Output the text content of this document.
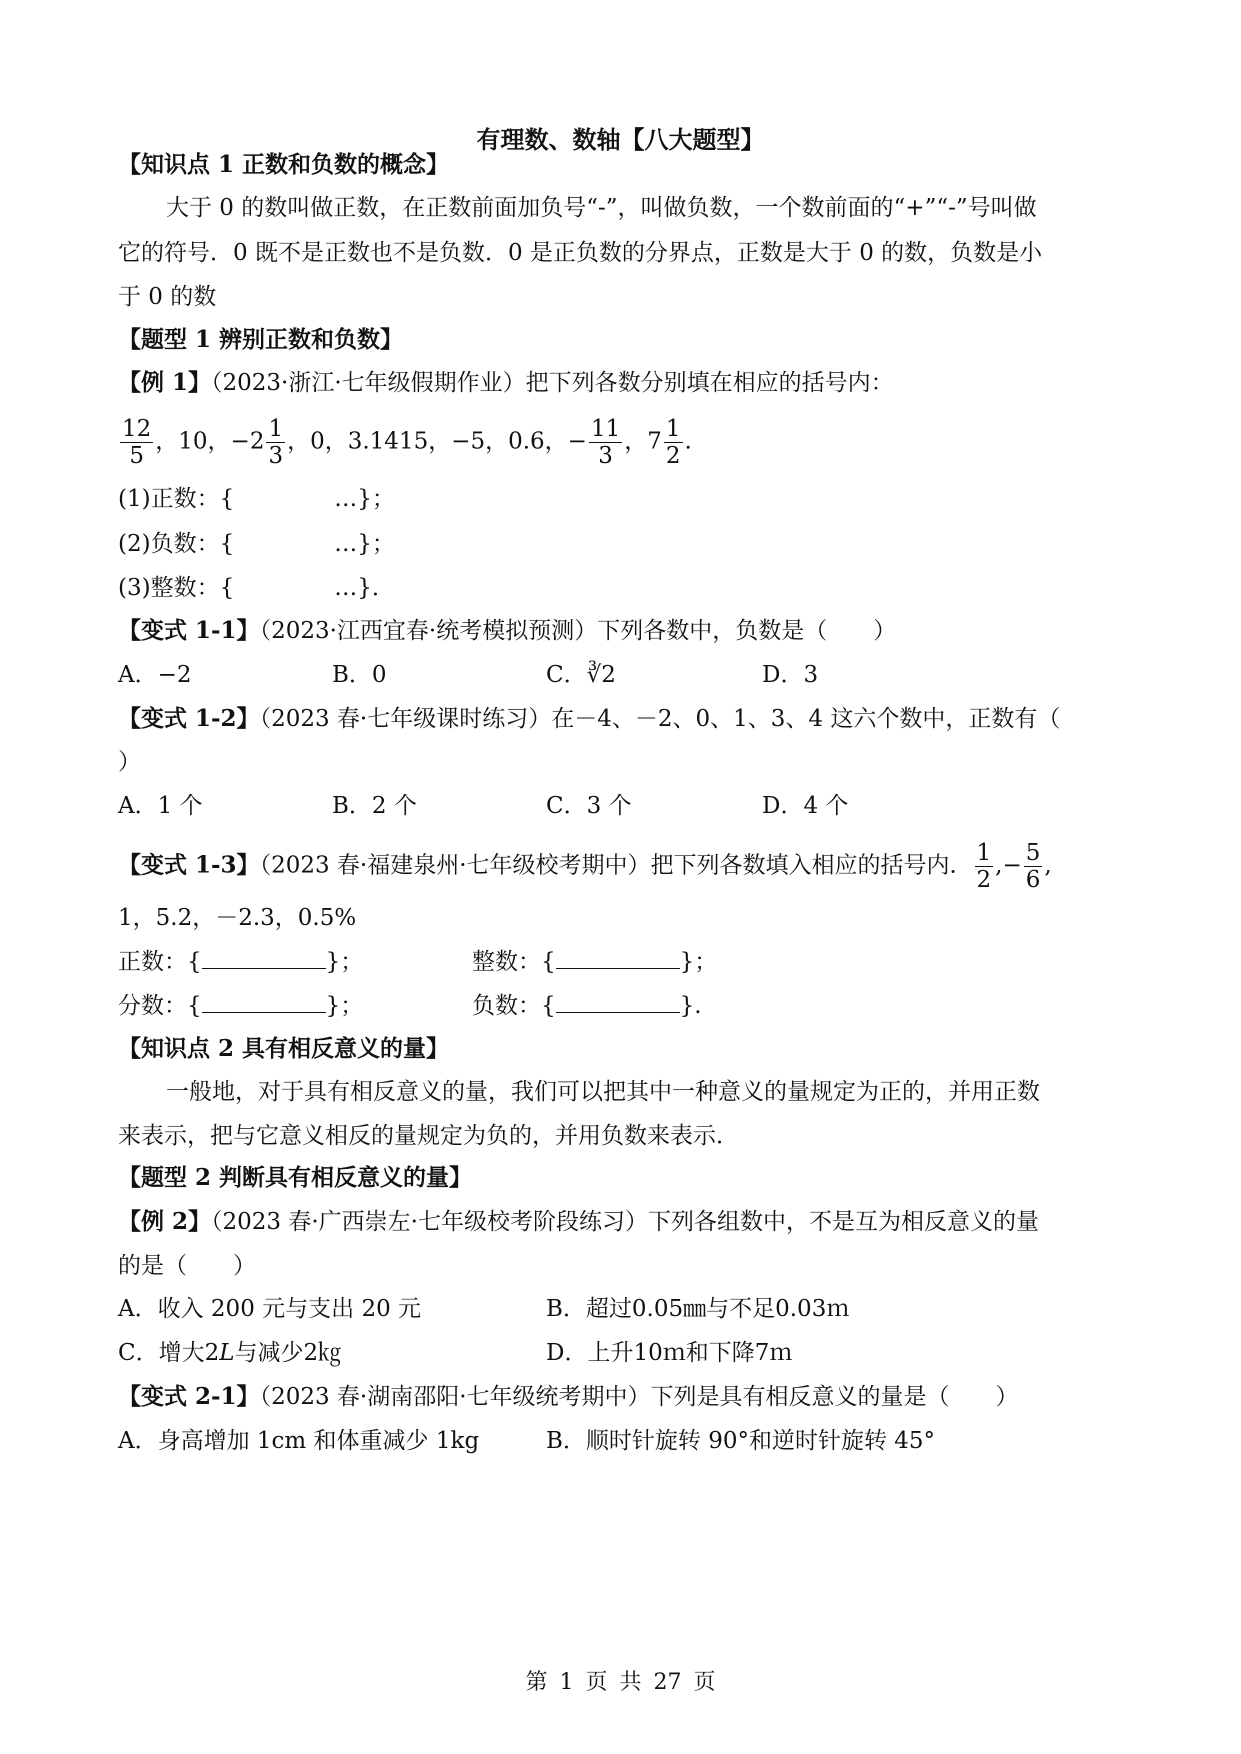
有理数、数轴【八大题型】
【知识点 1 正数和负数的概念】
大于 0 的数叫做正数，在正数前面加负号“-”，叫做负数，一个数前面的“+”“-”号叫做
它的符号．0 既不是正数也不是负数．0 是正负数的分界点，正数是大于 0 的数，负数是小
于 0 的数
【题型 1 辨别正数和负数】
【例 1】（2023·浙江·七年级假期作业）把下列各数分别填在相应的括号内：
$\frac{12}{5}$ ，10，$-2 \frac{1}{3}$ ，0，3.1415，−5，0.6，− $\frac{11}{3}$ ，$7 \frac{1}{2}$ .
(1)正数：{	…}；
(2)负数：{	…}；
(3)整数：{	…}．
【变式 1-1】（2023·江西宜春·统考模拟预测）下列各数中，负数是（　　）
A．−2	B．0	C．∛2	D．3
【变式 1-2】（2023 春·七年级课时练习）在－4、－2、0、1、3、4 这六个数中，正数有（
）
A．1 个	B．2 个	C．3 个	D．4 个
【变式 1-3】（2023 春·福建泉州·七年级校考期中）把下列各数填入相应的括号内． $\frac{1}{2}$ ,− $\frac{5}{6}$ ,
1，5.2，－2.3，0.5%
正数：{	}；	整数：{	}；
分数：{	}；	负数：{	}.
【知识点 2 具有相反意义的量】
一般地，对于具有相反意义的量，我们可以把其中一种意义的量规定为正的，并用正数
来表示，把与它意义相反的量规定为负的，并用负数来表示．
【题型 2 判断具有相反意义的量】
【例 2】（2023 春·广西崇左·七年级校考阶段练习）下列各组数中，不是互为相反意义的量
的是（　　）
A．收入 200 元与支出 20 元	B．超过0.05㎜与不足0.03ｍ
C．增大2𝐿与减少2㎏	D．上升10ｍ和下降7ｍ
【变式 2-1】（2023 春·湖南邵阳·七年级统考期中）下列是具有相反意义的量是（　　）
A．身高增加 1cm 和体重减少 1kg	B．顺时针旋转 90°和逆时针旋转 45°
第 1 页 共 27 页
